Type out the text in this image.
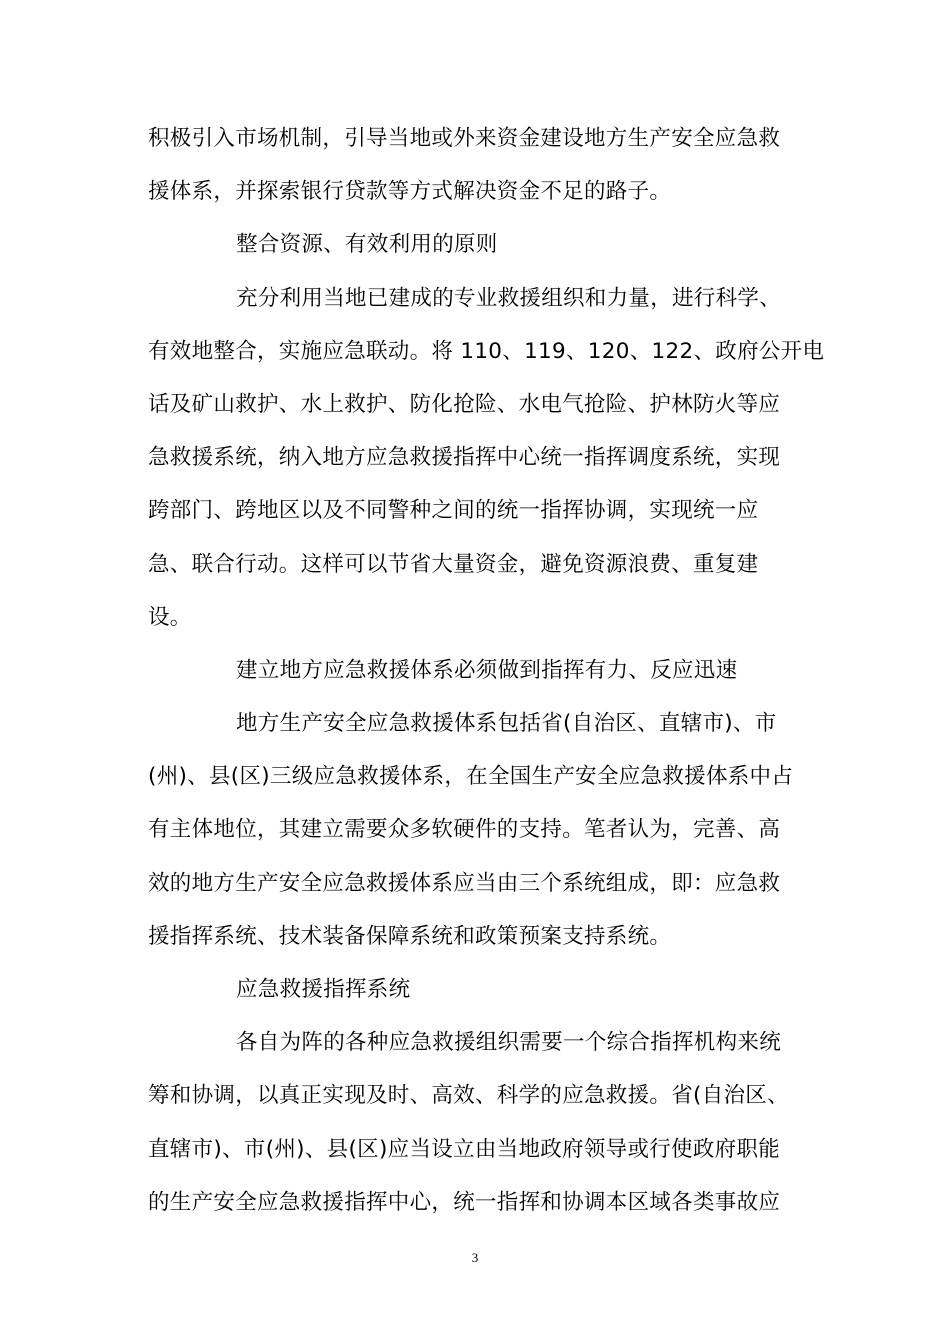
积极引入市场机制，引导当地或外来资金建设地方生产安全应急救
援体系，并探索银行贷款等方式解决资金不足的路子。
整合资源、有效利用的原则
充分利用当地已建成的专业救援组织和力量，进行科学、
有效地整合，实施应急联动。将 110、119、120、122、政府公开电
话及矿山救护、水上救护、防化抢险、水电气抢险、护林防火等应
急救援系统，纳入地方应急救援指挥中心统一指挥调度系统，实现
跨部门、跨地区以及不同警种之间的统一指挥协调，实现统一应
急、联合行动。这样可以节省大量资金，避免资源浪费、重复建
设。
建立地方应急救援体系必须做到指挥有力、反应迅速
地方生产安全应急救援体系包括省(自治区、直辖市)、市
(州)、县(区)三级应急救援体系，在全国生产安全应急救援体系中占
有主体地位，其建立需要众多软硬件的支持。笔者认为，完善、高
效的地方生产安全应急救援体系应当由三个系统组成，即：应急救
援指挥系统、技术装备保障系统和政策预案支持系统。
应急救援指挥系统
各自为阵的各种应急救援组织需要一个综合指挥机构来统
筹和协调，以真正实现及时、高效、科学的应急救援。省(自治区、
直辖市)、市(州)、县(区)应当设立由当地政府领导或行使政府职能
的生产安全应急救援指挥中心，统一指挥和协调本区域各类事故应
3
